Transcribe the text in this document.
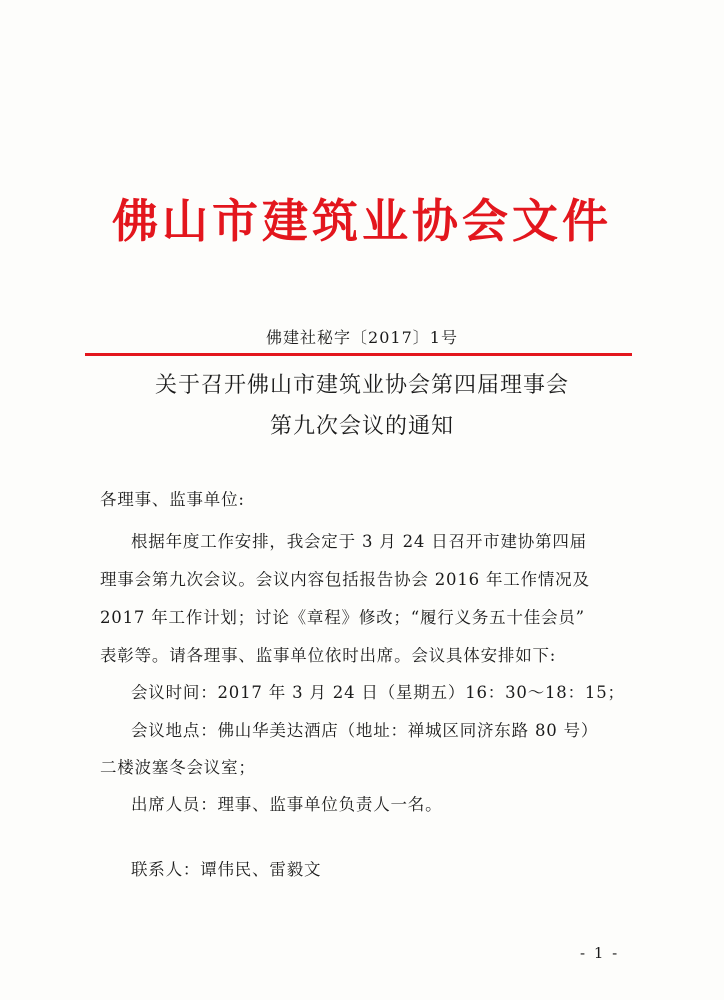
佛山市建筑业协会文件
佛建社秘字〔2017〕1号
关于召开佛山市建筑业协会第四届理事会
第九次会议的通知
各理事、监事单位:
根据年度工作安排，我会定于 3 月 24 日召开市建协第四届
理事会第九次会议。会议内容包括报告协会 2016 年工作情况及
2017 年工作计划；讨论《章程》修改；“履行义务五十佳会员”
表彰等。请各理事、监事单位依时出席。会议具体安排如下:
会议时间：2017 年 3 月 24 日（星期五）16：30～18：15；
会议地点：佛山华美达酒店（地址：禅城区同济东路 80 号）
二楼波塞冬会议室；
出席人员：理事、监事单位负责人一名。
联系人：谭伟民、雷毅文
- 1 -
